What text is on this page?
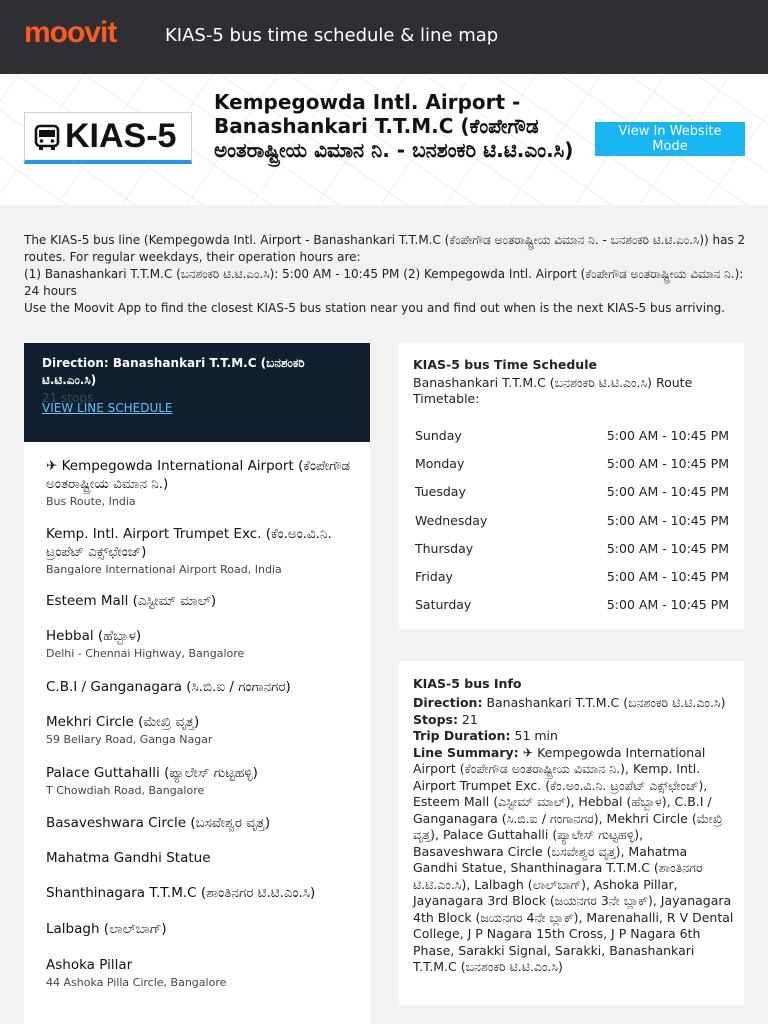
moovit	KIAS-5 bus time schedule & line map
KIAS-5
Kempegowda Intl. Airport - Banashankari T.T.M.C (ಕೆಂಪೇಗೌಡ ಅಂತರಾಷ್ಟ್ರೀಯ ವಿಮಾನ ನಿ. - ಬನಶಂಕರಿ ಟಿ.ಟಿ.ಎಂ.ಸಿ)
View In Website Mode

The KIAS-5 bus line (Kempegowda Intl. Airport - Banashankari T.T.M.C (ಕೆಂಪೇಗೌಡ ಅಂತರಾಷ್ಟ್ರೀಯ ವಿಮಾನ ನಿ. - ಬನಶಂಕರಿ ಟಿ.ಟಿ.ಎಂ.ಸಿ)) has 2 routes. For regular weekdays, their operation hours are:

(1) Banashankari T.T.M.C (ಬನಶಂಕರಿ ಟಿ.ಟಿ.ಎಂ.ಸಿ): 5:00 AM - 10:45 PM (2) Kempegowda Intl. Airport (ಕೆಂಪೇಗೌಡ ಅಂತರಾಷ್ಟ್ರೀಯ ವಿಮಾನ ನಿ.): 24 hours

Use the Moovit App to find the closest KIAS-5 bus station near you and find out when is the next KIAS-5 bus arriving.

Direction: Banashankari T.T.M.C (ಬನಶಂಕರಿ ಟಿ.ಟಿ.ಎಂ.ಸಿ)
21 stops
$^{VIEW LINE SCHEDULE}$
✈ Kempegowda International Airport (ಕೆಂಪೇಗೌಡ ಅಂತರಾಷ್ಟ್ರೀಯ ವಿಮಾನ ನಿ.)
Bus Route, India
Kemp. Intl. Airport Trumpet Exc. (ಕೆಂ.ಅಂ.ವಿ.ನಿ. ಟ್ರಂಪೆಟ್ ಎಕ್ಸ್‌ಛೇಂಜ್)
Bangalore International Airport Road, India
Esteem Mall (ಎಸ್ಟೀಮ್ ಮಾಲ್)
Hebbal (ಹೆಬ್ಬಾಳ)
Delhi - Chennai Highway, Bangalore
C.B.I / Ganganagara (ಸಿ.ಬಿ.ಐ / ಗಂಗಾನಗರ)
Mekhri Circle (ಮೇಖ್ರಿ ವೃತ್ತ)
59 Bellary Road, Ganga Nagar
Palace Guttahalli (ಪ್ಯಾಲೇಸ್ ಗುಟ್ಟಹಳ್ಳಿ)
T Chowdiah Road, Bangalore
Basaveshwara Circle (ಬಸವೇಶ್ವರ ವೃತ್ತ)
Mahatma Gandhi Statue
Shanthinagara T.T.M.C (ಶಾಂತಿನಗರ ಟಿ.ಟಿ.ಎಂ.ಸಿ)
Lalbagh (ಲಾಲ್‌ಬಾಗ್)
Ashoka Pillar
44 Ashoka Pilla Circle, Bangalore
KIAS-5 bus Time Schedule
Banashankari T.T.M.C (ಬನಶಂಕರಿ ಟಿ.ಟಿ.ಎಂ.ಸಿ) Route Timetable:
Sunday	5:00 AM - 10:45 PM
Monday	5:00 AM - 10:45 PM
Tuesday	5:00 AM - 10:45 PM
Wednesday	5:00 AM - 10:45 PM
Thursday	5:00 AM - 10:45 PM
Friday	5:00 AM - 10:45 PM
Saturday	5:00 AM - 10:45 PM
KIAS-5 bus Info
Direction: Banashankari T.T.M.C (ಬನಶಂಕರಿ ಟಿ.ಟಿ.ಎಂ.ಸಿ)
Stops: 21
Trip Duration: 51 min
Line Summary: ✈ Kempegowda International Airport (ಕೆಂಪೇಗೌಡ ಅಂತರಾಷ್ಟ್ರೀಯ ವಿಮಾನ ನಿ.), Kemp. Intl. Airport Trumpet Exc. (ಕೆಂ.ಅಂ.ವಿ.ನಿ. ಟ್ರಂಪೆಟ್ ಎಕ್ಸ್‌ಛೇಂಜ್), Esteem Mall (ಎಸ್ಟೀಮ್ ಮಾಲ್), Hebbal (ಹೆಬ್ಬಾಳ), C.B.I / Ganganagara (ಸಿ.ಬಿ.ಐ / ಗಂಗಾನಗರ), Mekhri Circle (ಮೇಖ್ರಿ ವೃತ್ತ), Palace Guttahalli (ಪ್ಯಾಲೇಸ್ ಗುಟ್ಟಹಳ್ಳಿ), Basaveshwara Circle (ಬಸವೇಶ್ವರ ವೃತ್ತ), Mahatma Gandhi Statue, Shanthinagara T.T.M.C (ಶಾಂತಿನಗರ ಟಿ.ಟಿ.ಎಂ.ಸಿ), Lalbagh (ಲಾಲ್‌ಬಾಗ್), Ashoka Pillar, Jayanagara 3rd Block (ಜಯನಗರ 3ನೇ ಬ್ಲಾಕ್), Jayanagara 4th Block (ಜಯನಗರ 4ನೇ ಬ್ಲಾಕ್), Marenahalli, R V Dental College, J P Nagara 15th Cross, J P Nagara 6th Phase, Sarakki Signal, Sarakki, Banashankari T.T.M.C (ಬನಶಂಕರಿ ಟಿ.ಟಿ.ಎಂ.ಸಿ)
